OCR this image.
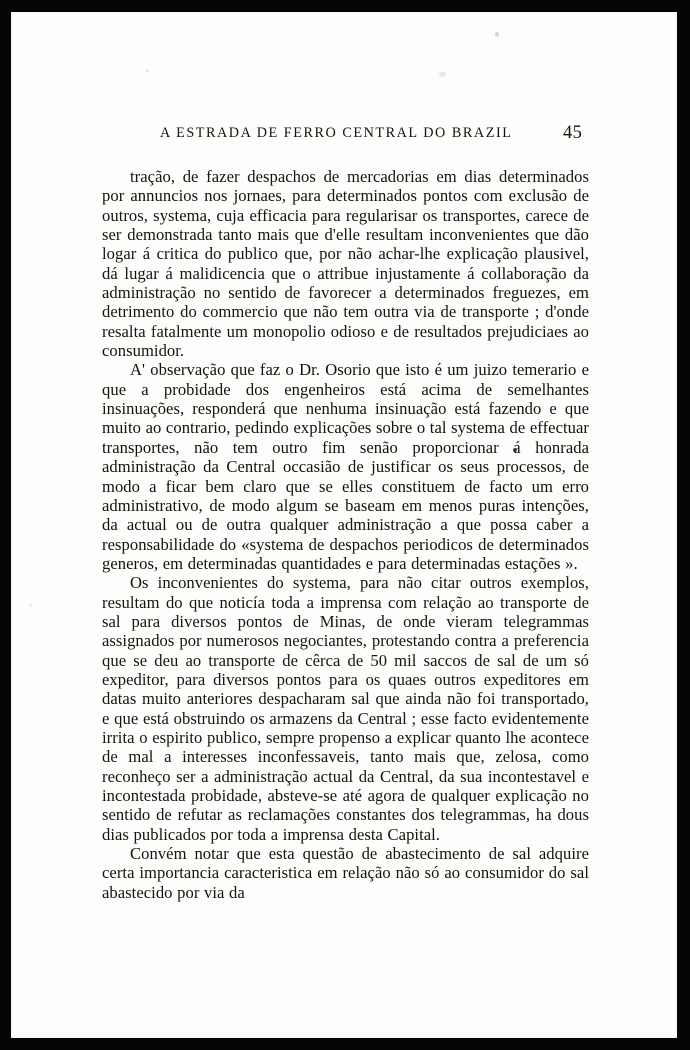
A ESTRADA DE FERRO CENTRAL DO BRAZIL	45

tração, de fazer despachos de mercadorias em dias determinados por annuncios nos jornaes, para determinados pontos com exclusão de outros, systema, cuja efficacia para regularisar os transportes, carece de ser demonstrada tanto mais que d'elle resultam inconvenientes que dão logar á critica do publico que, por não achar-lhe explicação plausivel, dá lugar á malidicencia que o attribue injustamente á collaboração da administração no sentido de favorecer a determinados freguezes, em detrimento do commercio que não tem outra via de transporte ; d'onde resalta fatalmente um monopolio odioso e de resultados prejudiciaes ao consumidor.

A' observação que faz o Dr. Osorio que isto é um juizo temerario e que a probidade dos engenheiros está acima de semelhantes insinuações, responderá que nenhuma insinuação está fazendo e que muito ao contrario, pedindo explicações sobre o tal systema de effectuar transportes, não tem outro fim senão proporcionar á honrada administração da Central occasião de justificar os seus processos, de modo a ficar bem claro que se elles constituem de facto um erro administrativo, de modo algum se baseam em menos puras intenções, da actual ou de outra qualquer administração a que possa caber a responsabilidade do «systema de despachos periodicos de determinados generos, em determinadas quantidades e para determinadas estações ».

Os inconvenientes do systema, para não citar outros exemplos, resultam do que noticía toda a imprensa com relação ao transporte de sal para diversos pontos de Minas, de onde vieram telegrammas assignados por numerosos negociantes, protestando contra a preferencia que se deu ao transporte de cêrca de 50 mil saccos de sal de um só expeditor, para diversos pontos para os quaes outros expeditores em datas muito anteriores despacharam sal que ainda não foi transportado, e que está obstruindo os armazens da Central ; esse facto evidentemente irrita o espirito publico, sempre propenso a explicar quanto lhe acontece de mal a interesses inconfessaveis, tanto mais que, zelosa, como reconheço ser a administração actual da Central, da sua incontestavel e incontestada probidade, absteve-se até agora de qualquer explicação no sentido de refutar as reclamações constantes dos telegrammas, ha dous dias publicados por toda a imprensa desta Capital.

Convém notar que esta questão de abastecimento de sal adquire certa importancia caracteristica em relação não só ao consumidor do sal abastecido por via da
